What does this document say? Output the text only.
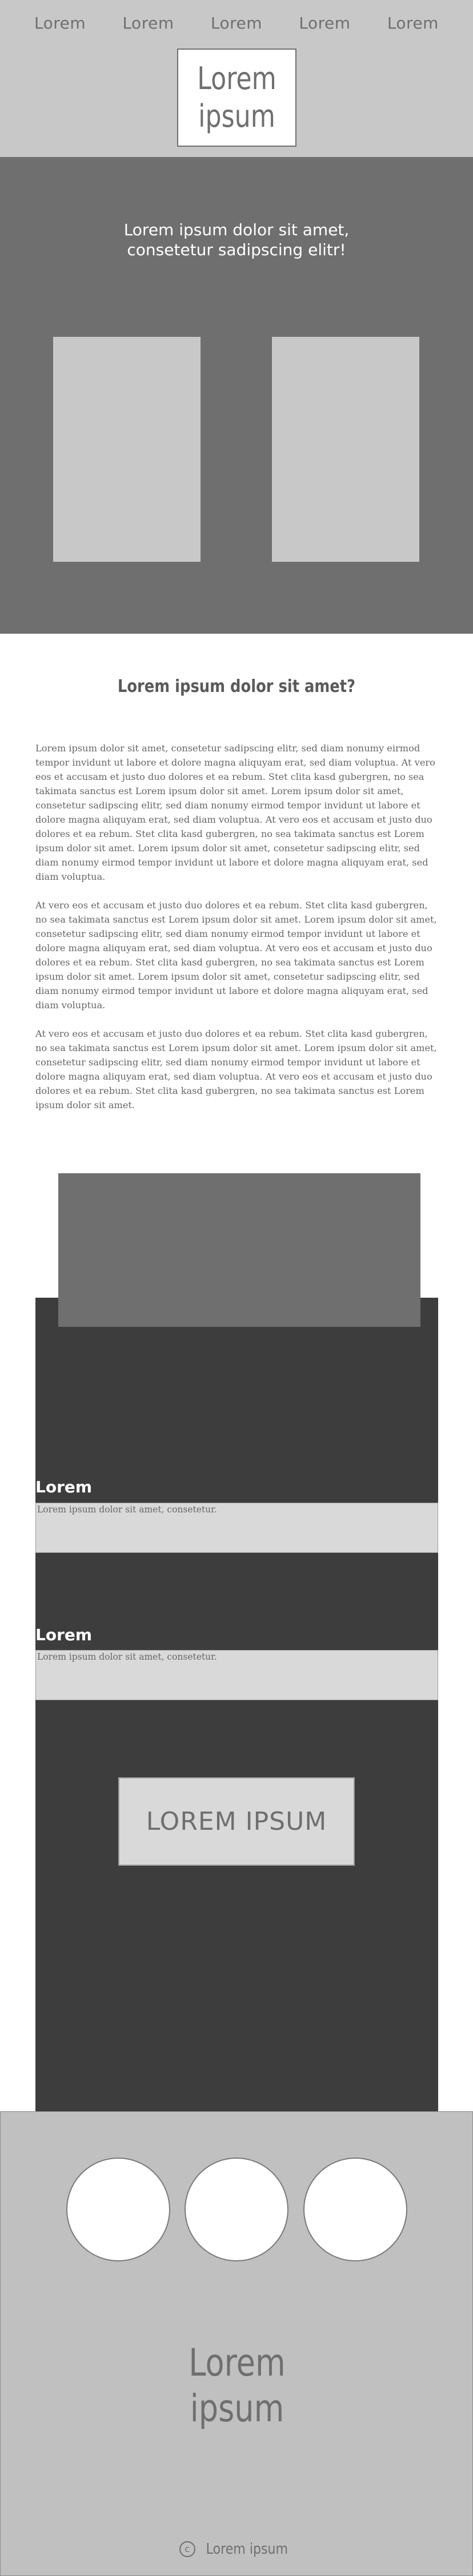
Lorem Lorem Lorem Lorem Lorem
Lorem
ipsum
Lorem ipsum dolor sit amet, consetetur sadipscing elitr!
Lorem ipsum dolor sit amet?

Lorem ipsum dolor sit amet, consetetur sadipscing elitr, sed diam nonumy eirmod tempor invidunt ut labore et dolore magna aliquyam erat, sed diam voluptua. At vero eos et accusam et justo duo dolores et ea rebum. Stet clita kasd gubergren, no sea takimata sanctus est Lorem ipsum dolor sit amet. Lorem ipsum dolor sit amet, consetetur sadipscing elitr, sed diam nonumy eirmod tempor invidunt ut labore et dolore magna aliquyam erat, sed diam voluptua. At vero eos et accusam et justo duo dolores et ea rebum. Stet clita kasd gubergren, no sea takimata sanctus est Lorem ipsum dolor sit amet. Lorem ipsum dolor sit amet, consetetur sadipscing elitr, sed diam nonumy eirmod tempor invidunt ut labore et dolore magna aliquyam erat, sed diam voluptua.

At vero eos et accusam et justo duo dolores et ea rebum. Stet clita kasd gubergren, no sea takimata sanctus est Lorem ipsum dolor sit amet. Lorem ipsum dolor sit amet, consetetur sadipscing elitr, sed diam nonumy eirmod tempor invidunt ut labore et dolore magna aliquyam erat, sed diam voluptua. At vero eos et accusam et justo duo dolores et ea rebum. Stet clita kasd gubergren, no sea takimata sanctus est Lorem ipsum dolor sit amet. Lorem ipsum dolor sit amet, consetetur sadipscing elitr, sed diam nonumy eirmod tempor invidunt ut labore et dolore magna aliquyam erat, sed diam voluptua.

At vero eos et accusam et justo duo dolores et ea rebum. Stet clita kasd gubergren, no sea takimata sanctus est Lorem ipsum dolor sit amet. Lorem ipsum dolor sit amet, consetetur sadipscing elitr, sed diam nonumy eirmod tempor invidunt ut labore et dolore magna aliquyam erat, sed diam voluptua. At vero eos et accusam et justo duo dolores et ea rebum. Stet clita kasd gubergren, no sea takimata sanctus est Lorem ipsum dolor sit amet.

Lorem
Lorem ipsum dolor sit amet, consetetur.
Lorem
Lorem ipsum dolor sit amet, consetetur.
LOREM IPSUM
Lorem
ipsum
c Lorem ipsum
